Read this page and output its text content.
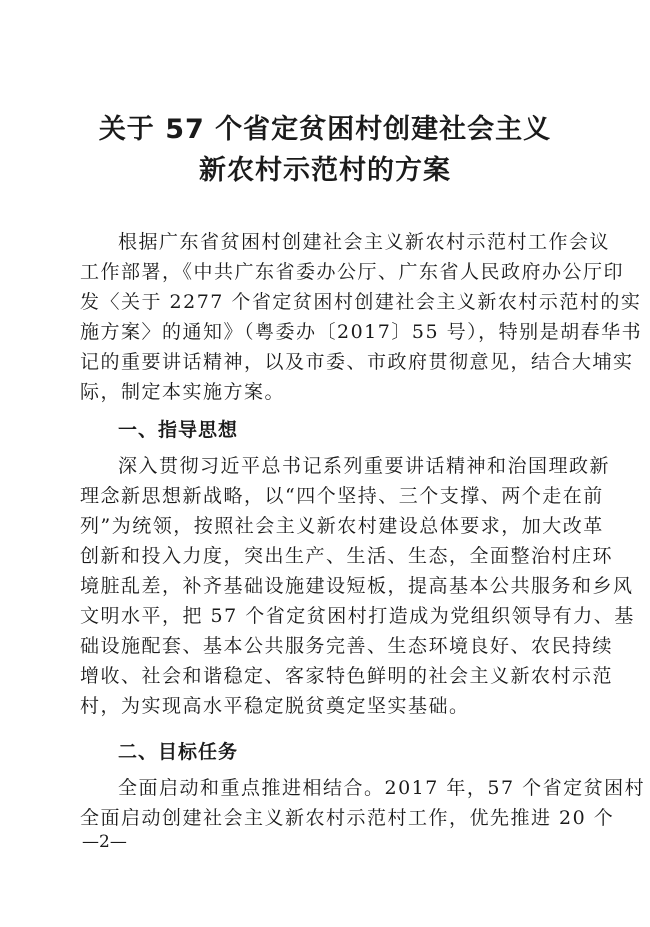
关于 57 个省定贫困村创建社会主义
新农村示范村的方案
根据广东省贫困村创建社会主义新农村示范村工作会议
工作部署，《中共广东省委办公厅、广东省人民政府办公厅印
发〈关于 2277 个省定贫困村创建社会主义新农村示范村的实
施方案〉的通知》（粤委办〔2017〕55 号），特别是胡春华书
记的重要讲话精神，以及市委、市政府贯彻意见，结合大埔实
际，制定本实施方案。
一、指导思想
深入贯彻习近平总书记系列重要讲话精神和治国理政新
理念新思想新战略，以“四个坚持、三个支撑、两个走在前
列”为统领，按照社会主义新农村建设总体要求，加大改革
创新和投入力度，突出生产、生活、生态，全面整治村庄环
境脏乱差，补齐基础设施建设短板，提高基本公共服务和乡风
文明水平，把 57 个省定贫困村打造成为党组织领导有力、基
础设施配套、基本公共服务完善、生态环境良好、农民持续
增收、社会和谐稳定、客家特色鲜明的社会主义新农村示范
村，为实现高水平稳定脱贫奠定坚实基础。
二、目标任务
全面启动和重点推进相结合。2017 年，57 个省定贫困村
全面启动创建社会主义新农村示范村工作，优先推进 20 个
—2—
